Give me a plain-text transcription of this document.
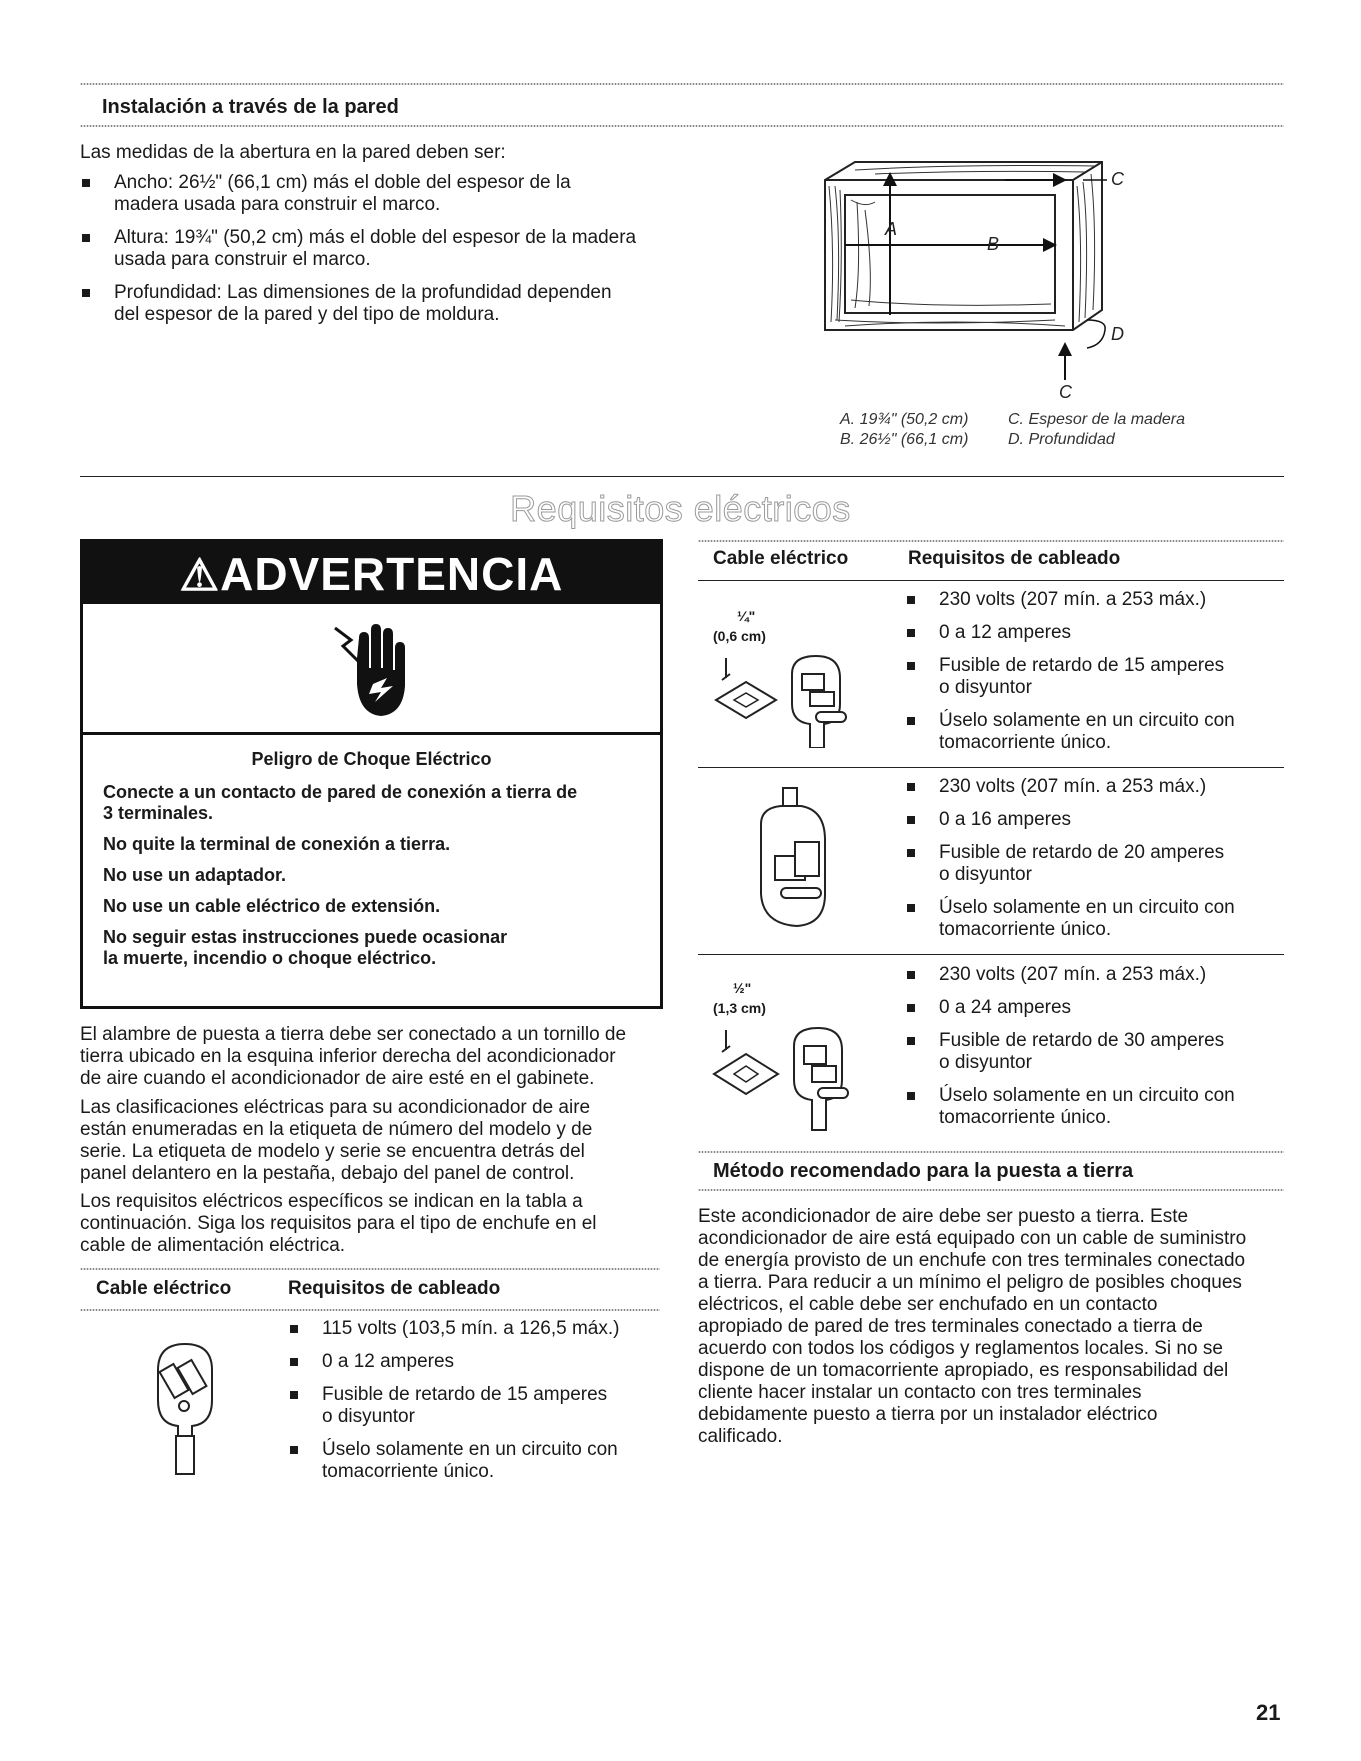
Instalación a través de la pared
Las medidas de la abertura en la pared deben ser:
Ancho: 26½" (66,1 cm) más el doble del espesor de la
madera usada para construir el marco.
Altura: 19¾" (50,2 cm) más el doble del espesor de la madera
usada para construir el marco.
Profundidad: Las dimensiones de la profundidad dependen
del espesor de la pared y del tipo de moldura.
C
A
B
D
C
A. 19¾" (50,2 cm)
B. 26½" (66,1 cm)
C. Espesor de la madera
D. Profundidad
Requisitos eléctricos
⚠ADVERTENCIA
Peligro de Choque Eléctrico

Conecte a un contacto de pared de conexión a tierra de
3 terminales.

No quite la terminal de conexión a tierra.

No use un adaptador.

No use un cable eléctrico de extensión.

No seguir estas instrucciones puede ocasionar
la muerte, incendio o choque eléctrico.

El alambre de puesta a tierra debe ser conectado a un tornillo de
tierra ubicado en la esquina inferior derecha del acondicionador
de aire cuando el acondicionador de aire esté en el gabinete.
Las clasificaciones eléctricas para su acondicionador de aire
están enumeradas en la etiqueta de número del modelo y de
serie. La etiqueta de modelo y serie se encuentra detrás del
panel delantero en la pestaña, debajo del panel de control.
Los requisitos eléctricos específicos se indican en la tabla a
continuación. Siga los requisitos para el tipo de enchufe en el
cable de alimentación eléctrica.
Cable eléctrico	Requisitos de cableado
115 volts (103,5 mín. a 126,5 máx.)
0 a 12 amperes
Fusible de retardo de 15 amperes
o disyuntor
Úselo solamente en un circuito con
tomacorriente único.
Cable eléctrico	Requisitos de cableado
¼"
(0,6 cm)
230 volts (207 mín. a 253 máx.)
0 a 12 amperes
Fusible de retardo de 15 amperes
o disyuntor
Úselo solamente en un circuito con
tomacorriente único.
230 volts (207 mín. a 253 máx.)
0 a 16 amperes
Fusible de retardo de 20 amperes
o disyuntor
Úselo solamente en un circuito con
tomacorriente único.
½"
(1,3 cm)
230 volts (207 mín. a 253 máx.)
0 a 24 amperes
Fusible de retardo de 30 amperes
o disyuntor
Úselo solamente en un circuito con
tomacorriente único.
Método recomendado para la puesta a tierra
Este acondicionador de aire debe ser puesto a tierra. Este
acondicionador de aire está equipado con un cable de suministro
de energía provisto de un enchufe con tres terminales conectado
a tierra. Para reducir a un mínimo el peligro de posibles choques
eléctricos, el cable debe ser enchufado en un contacto
apropiado de pared de tres terminales conectado a tierra de
acuerdo con todos los códigos y reglamentos locales. Si no se
dispone de un tomacorriente apropiado, es responsabilidad del
cliente hacer instalar un contacto con tres terminales
debidamente puesto a tierra por un instalador eléctrico
calificado.
21
